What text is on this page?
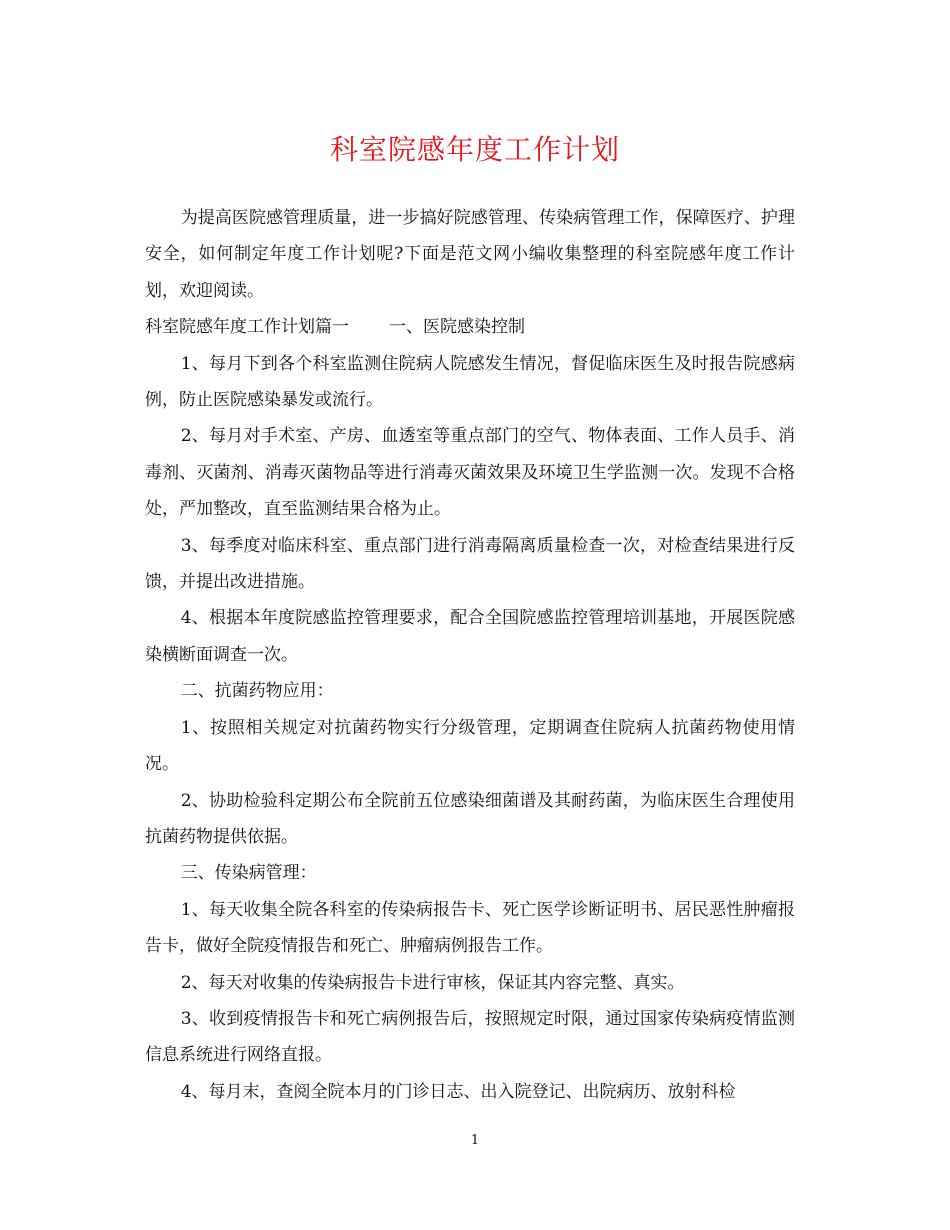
科室院感年度工作计划

为提高医院感管理质量，进一步搞好院感管理、传染病管理工作，保障医疗、护理安全，如何制定年度工作计划呢?下面是范文网小编收集整理的科室院感年度工作计划，欢迎阅读。

科室院感年度工作计划篇一 一、医院感染控制

1、每月下到各个科室监测住院病人院感发生情况，督促临床医生及时报告院感病例，防止医院感染暴发或流行。

2、每月对手术室、产房、血透室等重点部门的空气、物体表面、工作人员手、消毒剂、灭菌剂、消毒灭菌物品等进行消毒灭菌效果及环境卫生学监测一次。发现不合格处，严加整改，直至监测结果合格为止。

3、每季度对临床科室、重点部门进行消毒隔离质量检查一次，对检查结果进行反馈，并提出改进措施。

4、根据本年度院感监控管理要求，配合全国院感监控管理培训基地，开展医院感染横断面调查一次。

二、抗菌药物应用：

1、按照相关规定对抗菌药物实行分级管理，定期调查住院病人抗菌药物使用情况。

2、协助检验科定期公布全院前五位感染细菌谱及其耐药菌，为临床医生合理使用抗菌药物提供依据。

三、传染病管理：

1、每天收集全院各科室的传染病报告卡、死亡医学诊断证明书、居民恶性肿瘤报告卡，做好全院疫情报告和死亡、肿瘤病例报告工作。

2、每天对收集的传染病报告卡进行审核，保证其内容完整、真实。

3、收到疫情报告卡和死亡病例报告后，按照规定时限，通过国家传染病疫情监测信息系统进行网络直报。

4、每月末，查阅全院本月的门诊日志、出入院登记、出院病历、放射科检

1
